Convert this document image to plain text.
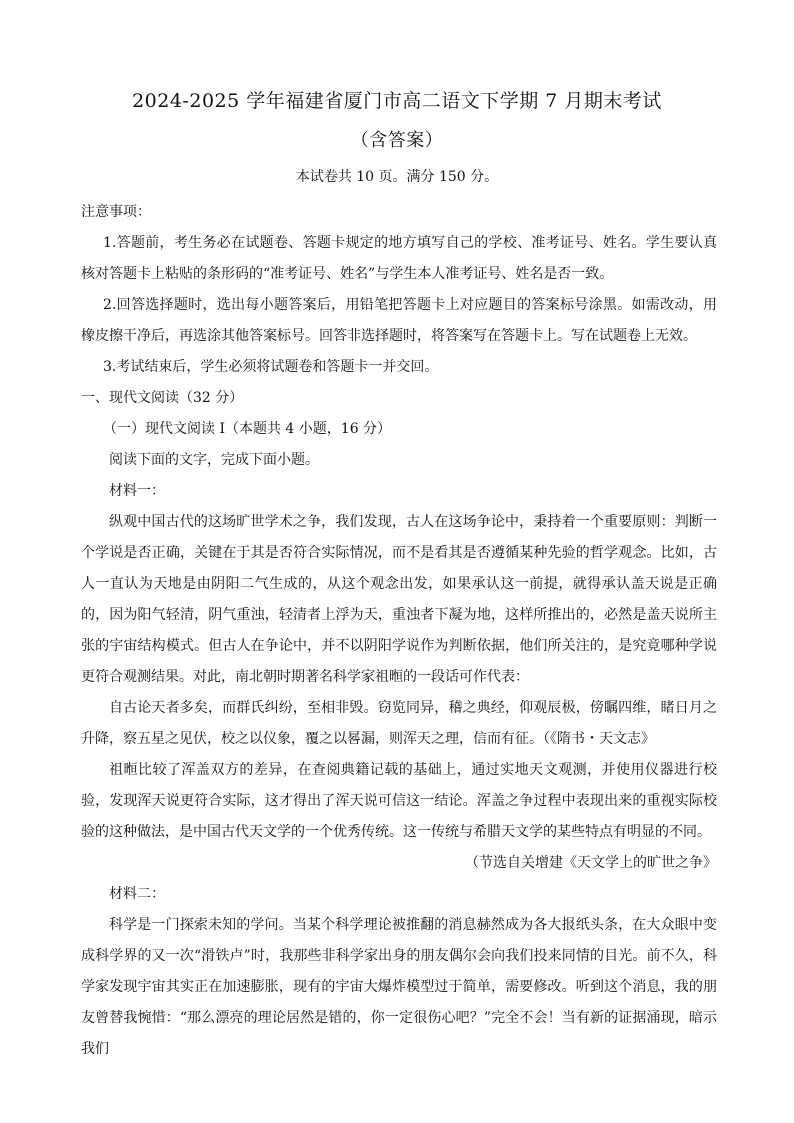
2024-2025 学年福建省厦门市高二语文下学期 7 月期末考试
（含答案）
本试卷共 10 页。满分 150 分。

注意事项：

1.答题前，考生务必在试题卷、答题卡规定的地方填写自己的学校、准考证号、姓名。学生要认真核对答题卡上粘贴的条形码的“准考证号、姓名”与学生本人准考证号、姓名是否一致。

2.回答选择题时，选出每小题答案后，用铅笔把答题卡上对应题目的答案标号涂黑。如需改动，用橡皮擦干净后，再选涂其他答案标号。回答非选择题时，将答案写在答题卡上。写在试题卷上无效。

3.考试结束后，学生必须将试题卷和答题卡一并交回。

一、现代文阅读（32 分）

（一）现代文阅读 I（本题共 4 小题，16 分）

阅读下面的文字，完成下面小题。

材料一：

纵观中国古代的这场旷世学术之争，我们发现，古人在这场争论中，秉持着一个重要原则：判断一个学说是否正确，关键在于其是否符合实际情况，而不是看其是否遵循某种先验的哲学观念。比如，古人一直认为天地是由阴阳二气生成的，从这个观念出发，如果承认这一前提，就得承认盖天说是正确的，因为阳气轻清，阴气重浊，轻清者上浮为天，重浊者下凝为地，这样所推出的，必然是盖天说所主张的宇宙结构模式。但古人在争论中，并不以阴阳学说作为判断依据，他们所关注的，是究竟哪种学说更符合观测结果。对此，南北朝时期著名科学家祖暅的一段话可作代表：

自古论天者多矣，而群氏纠纷，至相非毁。窃览同异，稽之典经，仰观辰极，傍瞩四维，睹日月之升降，察五星之见伏，校之以仪象，覆之以晷漏，则浑天之理，信而有征。（《隋书・天文志》

祖暅比较了浑盖双方的差异，在查阅典籍记载的基础上，通过实地天文观测，并使用仪器进行校验，发现浑天说更符合实际，这才得出了浑天说可信这一结论。浑盖之争过程中表现出来的重视实际校验的这种做法，是中国古代天文学的一个优秀传统。这一传统与希腊天文学的某些特点有明显的不同。

（节选自关增建《天文学上的旷世之争》

材料二：

科学是一门探索未知的学问。当某个科学理论被推翻的消息赫然成为各大报纸头条，在大众眼中变成科学界的又一次“滑铁卢”时，我那些非科学家出身的朋友偶尔会向我们投来同情的目光。前不久，科学家发现宇宙其实正在加速膨胀，现有的宇宙大爆炸模型过于简单，需要修改。听到这个消息，我的朋友曾替我惋惜：“那么漂亮的理论居然是错的，你一定很伤心吧？”完全不会！当有新的证据涌现，暗示我们
